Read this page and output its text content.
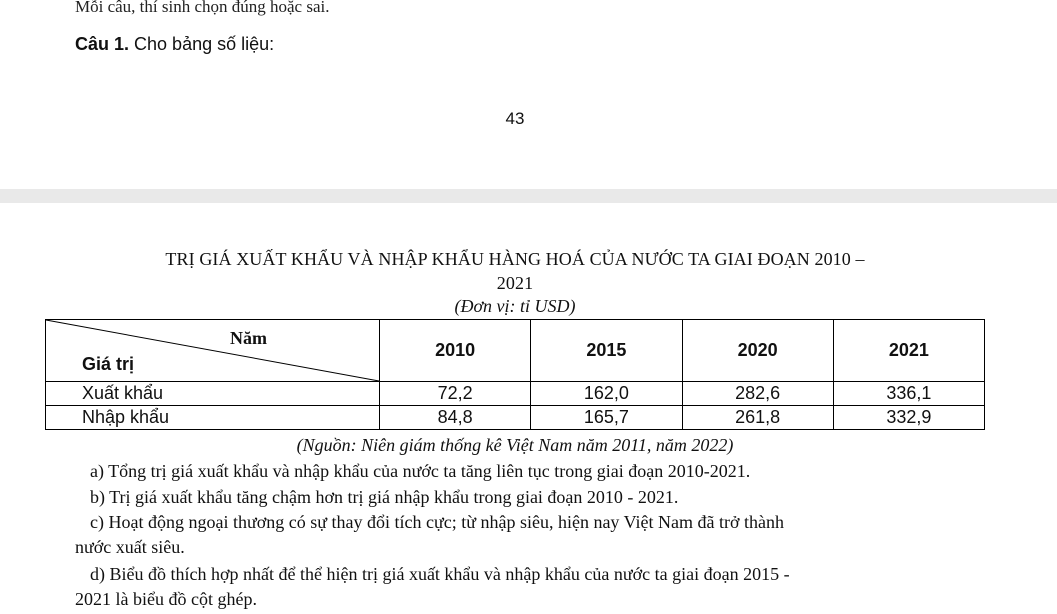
Mỗi câu, thí sinh chọn đúng hoặc sai.
Câu 1. Cho bảng số liệu:
43
TRỊ GIÁ XUẤT KHẨU VÀ NHẬP KHẨU HÀNG HOÁ CỦA NƯỚC TA GIAI ĐOẠN 2010 –
2021
(Đơn vị: tỉ USD)
Năm
Giá trị	2010	2015	2020	2021
Xuất khẩu	72,2	162,0	282,6	336,1
Nhập khẩu	84,8	165,7	261,8	332,9
(Nguồn: Niên giám thống kê Việt Nam năm 2011, năm 2022)
a) Tổng trị giá xuất khẩu và nhập khẩu của nước ta tăng liên tục trong giai đoạn 2010-2021.
b) Trị giá xuất khẩu tăng chậm hơn trị giá nhập khẩu trong giai đoạn 2010 - 2021.
c) Hoạt động ngoại thương có sự thay đổi tích cực; từ nhập siêu, hiện nay Việt Nam đã trở thành
nước xuất siêu.
d) Biểu đồ thích hợp nhất để thể hiện trị giá xuất khẩu và nhập khẩu của nước ta giai đoạn 2015 -
2021 là biểu đồ cột ghép.
